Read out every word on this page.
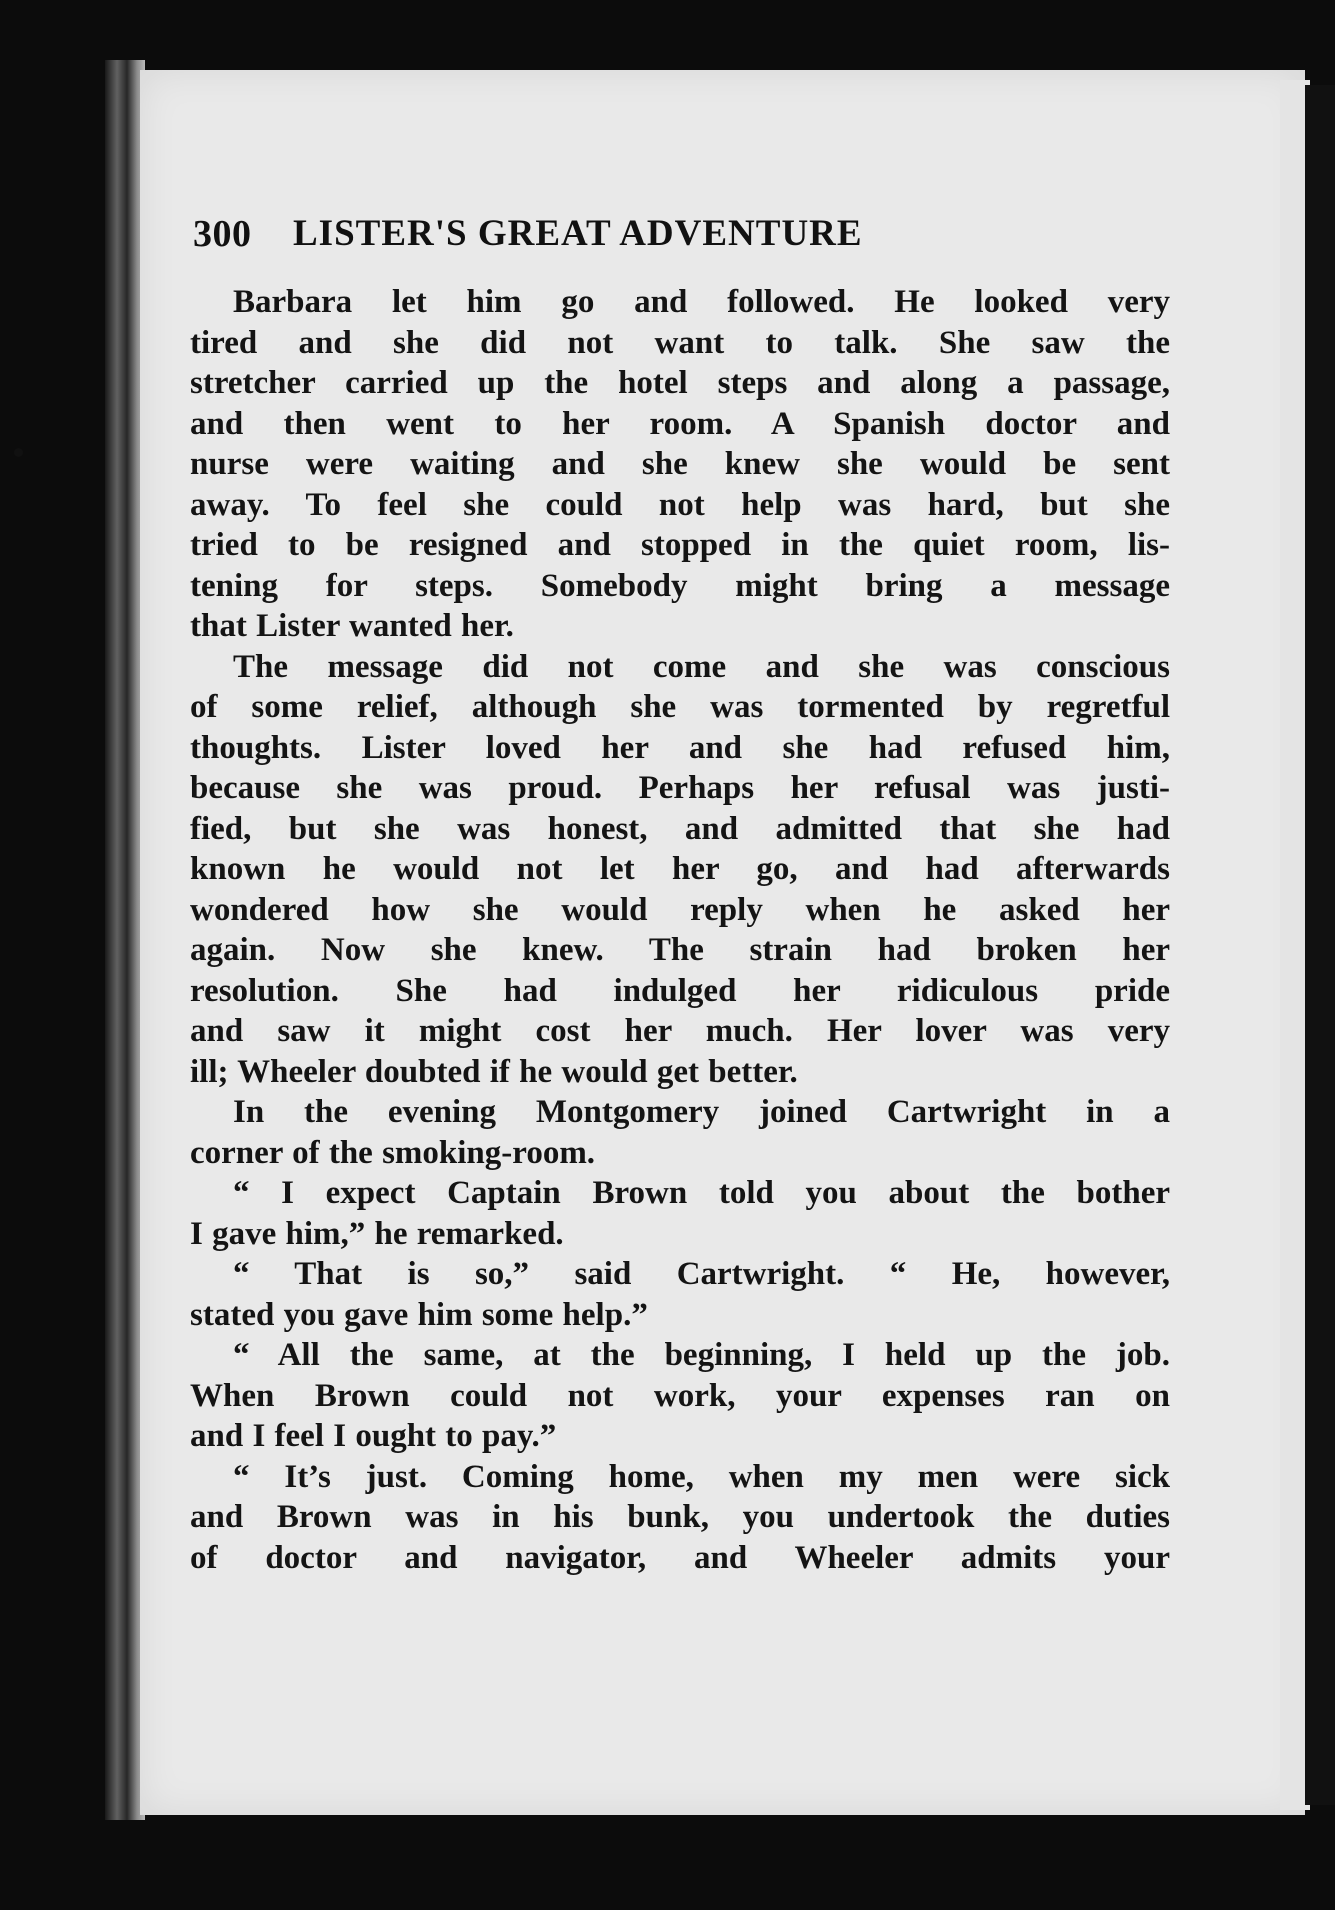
300 LISTER'S GREAT ADVENTURE
Barbara let him go and followed. He looked very
tired and she did not want to talk. She saw the
stretcher carried up the hotel steps and along a passage,
and then went to her room. A Spanish doctor and
nurse were waiting and she knew she would be sent
away. To feel she could not help was hard, but she
tried to be resigned and stopped in the quiet room, lis-
tening for steps. Somebody might bring a message
that Lister wanted her.
The message did not come and she was conscious
of some relief, although she was tormented by regretful
thoughts. Lister loved her and she had refused him,
because she was proud. Perhaps her refusal was justi-
fied, but she was honest, and admitted that she had
known he would not let her go, and had afterwards
wondered how she would reply when he asked her
again. Now she knew. The strain had broken her
resolution. She had indulged her ridiculous pride
and saw it might cost her much. Her lover was very
ill; Wheeler doubted if he would get better.
In the evening Montgomery joined Cartwright in a
corner of the smoking-room.
“ I expect Captain Brown told you about the bother
I gave him,” he remarked.
“ That is so,” said Cartwright. “ He, however,
stated you gave him some help.”
“ All the same, at the beginning, I held up the job.
When Brown could not work, your expenses ran on
and I feel I ought to pay.”
“ It’s just. Coming home, when my men were sick
and Brown was in his bunk, you undertook the duties
of doctor and navigator, and Wheeler admits your
